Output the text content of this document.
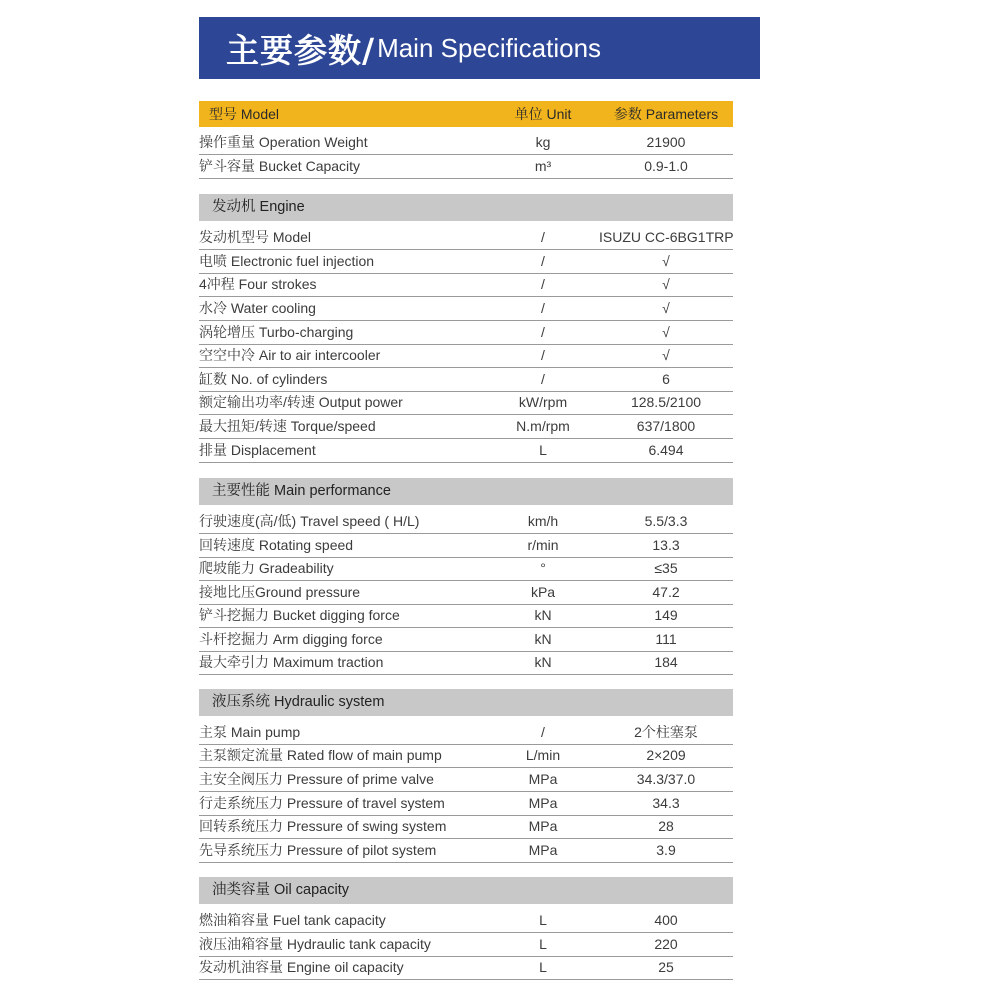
主要参数/ Main Specifications
型号 Model	单位 Unit	参数 Parameters
操作重量 Operation Weight	kg	21900
铲斗容量 Bucket Capacity	m³	0.9-1.0
发动机 Engine
发动机型号 Model	/	ISUZU CC-6BG1TRP
电喷 Electronic fuel injection	/	√
4冲程 Four strokes	/	√
水冷 Water cooling	/	√
涡轮增压 Turbo-charging	/	√
空空中冷 Air to air intercooler	/	√
缸数 No. of cylinders	/	6
额定输出功率/转速 Output power	kW/rpm	128.5/2100
最大扭矩/转速 Torque/speed	N.m/rpm	637/1800
排量 Displacement	L	6.494
主要性能 Main performance
行驶速度(高/低) Travel speed ( H/L)	km/h	5.5/3.3
回转速度 Rotating speed	r/min	13.3
爬坡能力 Gradeability	°	≤35
接地比压Ground pressure	kPa	47.2
铲斗挖掘力 Bucket digging force	kN	149
斗杆挖掘力 Arm digging force	kN	111
最大牵引力 Maximum traction	kN	184
液压系统 Hydraulic system
主泵 Main pump	/	2个柱塞泵
主泵额定流量 Rated flow of main pump	L/min	2×209
主安全阀压力 Pressure of prime valve	MPa	34.3/37.0
行走系统压力 Pressure of travel system	MPa	34.3
回转系统压力 Pressure of swing system	MPa	28
先导系统压力 Pressure of pilot system	MPa	3.9
油类容量 Oil capacity
燃油箱容量 Fuel tank capacity	L	400
液压油箱容量 Hydraulic tank capacity	L	220
发动机油容量 Engine oil capacity	L	25
